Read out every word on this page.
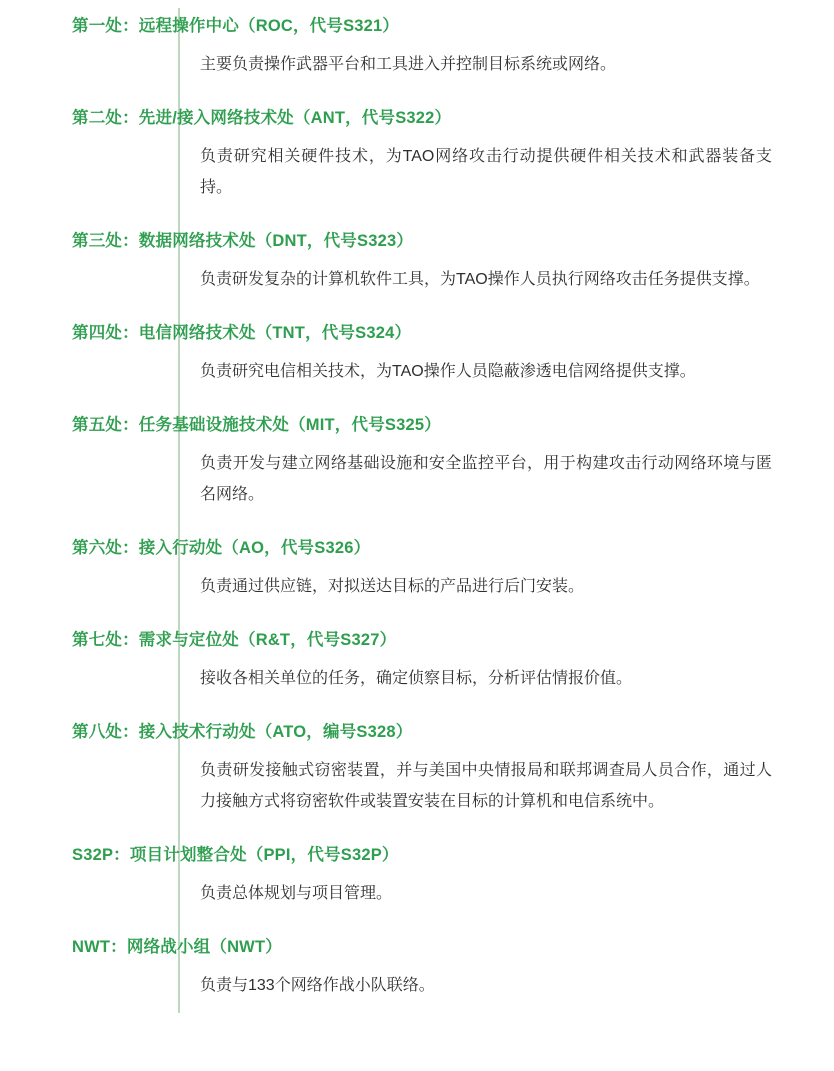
第一处：远程操作中心（ROC，代号S321）
主要负责操作武器平台和工具进入并控制目标系统或网络。
第二处：先进/接入网络技术处（ANT，代号S322）
负责研究相关硬件技术，为TAO网络攻击行动提供硬件相关技术和武器装备支持。
第三处：数据网络技术处（DNT，代号S323）
负责研发复杂的计算机软件工具，为TAO操作人员执行网络攻击任务提供支撑。
第四处：电信网络技术处（TNT，代号S324）
负责研究电信相关技术，为TAO操作人员隐蔽渗透电信网络提供支撑。
第五处：任务基础设施技术处（MIT，代号S325）
负责开发与建立网络基础设施和安全监控平台，用于构建攻击行动网络环境与匿名网络。
第六处：接入行动处（AO，代号S326）
负责通过供应链，对拟送达目标的产品进行后门安装。
第七处：需求与定位处（R&T，代号S327）
接收各相关单位的任务，确定侦察目标，分析评估情报价值。
第八处：接入技术行动处（ATO，编号S328）
负责研发接触式窃密装置，并与美国中央情报局和联邦调查局人员合作，通过人力接触方式将窃密软件或装置安装在目标的计算机和电信系统中。
S32P：项目计划整合处（PPI，代号S32P）
负责总体规划与项目管理。
NWT：网络战小组（NWT）
负责与133个网络作战小队联络。
